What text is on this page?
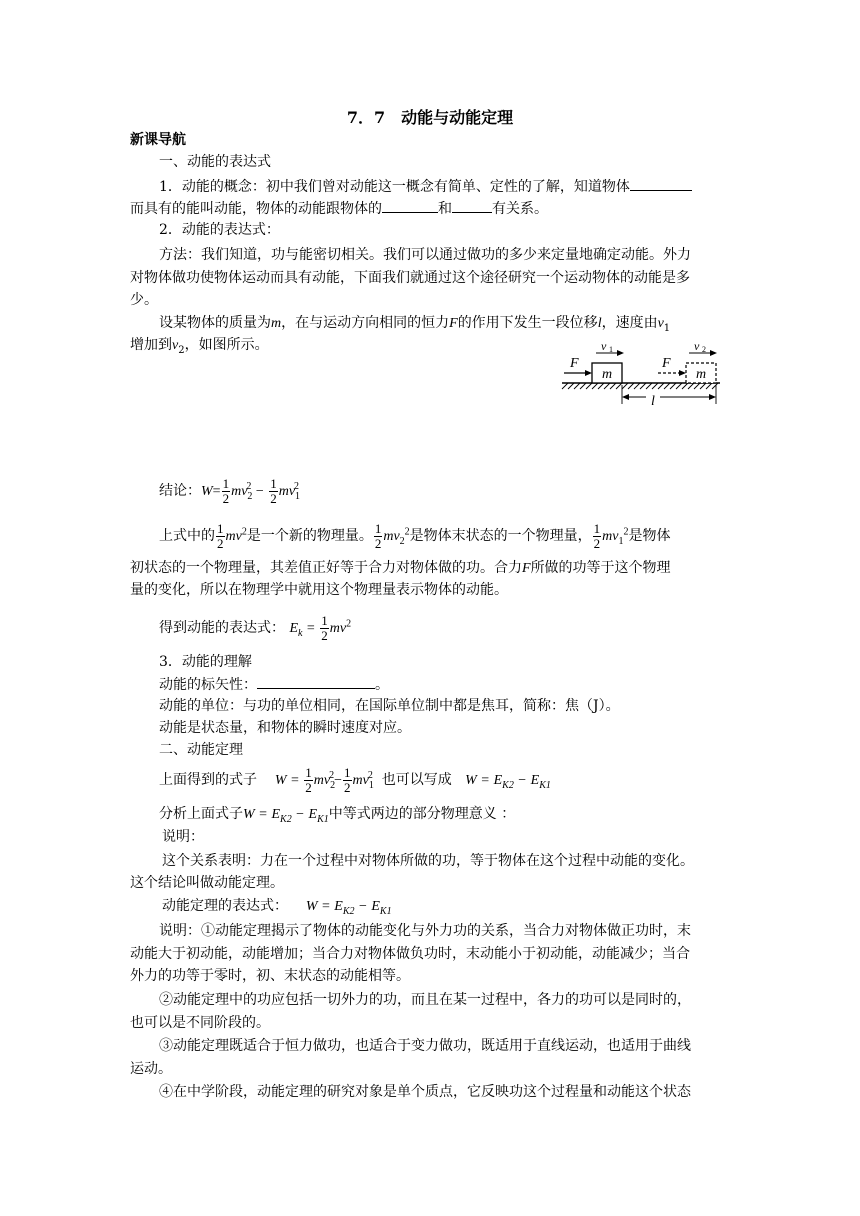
7．7　动能与动能定理
新课导航
一、动能的表达式
1．动能的概念：初中我们曾对动能这一概念有简单、定性的了解，知道物体
而具有的能叫动能，物体的动能跟物体的	和	有关系。
2．动能的表达式：
方法：我们知道，功与能密切相关。我们可以通过做功的多少来定量地确定动能。外力
对物体做功使物体运动而具有动能，下面我们就通过这个途径研究一个运动物体的动能是多
少。
设某物体的质量为m，在与运动方向相同的恒力F的作用下发生一段位移l，速度由$v_1$
增加到$v_2$，如图所示。
m
F
v 1
m
F
v 2
l
结论：$W= \frac{1}{2} mv_2^2 - \frac{1}{2} mv_1^2$
上式中的 $\frac{1}{2} mv^2$是一个新的物理量。 $\frac{1}{2} mv_2^2$是物体末状态的一个物理量， $\frac{1}{2} mv_1^2$是物体
初状态的一个物理量，其差值正好等于合力对物体做的功。合力F所做的功等于这个物理
量的变化，所以在物理学中就用这个物理量表示物体的动能。
得到动能的表达式： $E_k = \frac{1}{2} mv^2$
3．动能的理解
动能的标矢性：	。
动能的单位：与功的单位相同，在国际单位制中都是焦耳，简称：焦（J）。
动能是状态量，和物体的瞬时速度对应。
二、动能定理
上面得到的式子 $W = \frac{1}{2} mv_2^2- \frac{1}{2} mv_1^2$ 也可以写成 $W = E_{K2} - E_{K1}$
分析上面式子$W = E_{K2} - E_{K1}$中等式两边的部分物理意义 ：
说明：
这个关系表明：力在一个过程中对物体所做的功，等于物体在这个过程中动能的变化。
这个结论叫做动能定理。
动能定理的表达式： $W = E_{K2} - E_{K1}$
说明：①动能定理揭示了物体的动能变化与外力功的关系，当合力对物体做正功时，末
动能大于初动能，动能增加；当合力对物体做负功时，末动能小于初动能，动能减少；当合
外力的功等于零时，初、末状态的动能相等。
②动能定理中的功应包括一切外力的功，而且在某一过程中，各力的功可以是同时的，
也可以是不同阶段的。
③动能定理既适合于恒力做功，也适合于变力做功，既适用于直线运动，也适用于曲线
运动。
④在中学阶段，动能定理的研究对象是单个质点，它反映功这个过程量和动能这个状态
